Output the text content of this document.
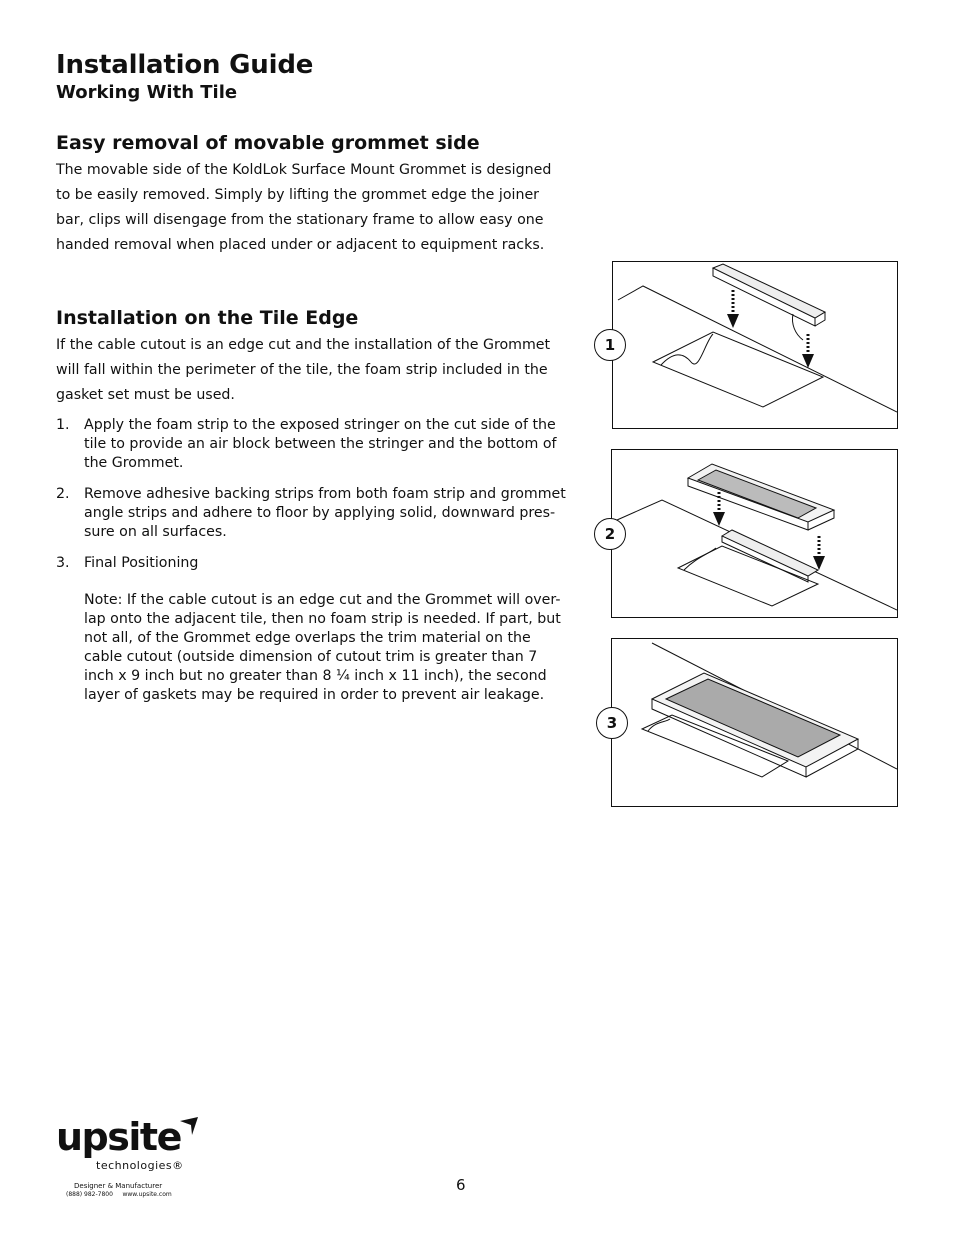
Installation Guide
Working With Tile
Easy removal of movable grommet side
The movable side of the KoldLok Surface Mount Grommet is designed to be easily removed. Simply by lifting the grommet edge the joiner bar, clips will disengage from the stationary frame to allow easy one handed removal when placed under or adjacent to equipment racks.
Installation on the Tile Edge
If the cable cutout is an edge cut and the installation of the Grommet will fall within the perimeter of the tile, the foam strip included in the gasket set must be used.
1. Apply the foam strip to the exposed stringer on the cut side of the tile to provide an air block between the stringer and the bottom of the Grommet.
2. Remove adhesive backing strips from both foam strip and grommet angle strips and adhere to floor by applying solid, downward pres-sure on all surfaces.
3. Final Positioning
Note: If the cable cutout is an edge cut and the Grommet will over-lap onto the adjacent tile, then no foam strip is needed. If part, but not all, of the Grommet edge overlaps the trim material on the cable cutout (outside dimension of cutout trim is greater than 7 inch x 9 inch but no greater than 8 ¼ inch x 11 inch), the second layer of gaskets may be required in order to prevent air leakage.
1
2
3
upsite
technologies®
Designer & Manufacturer
(888) 982-7800     www.upsite.com
6
